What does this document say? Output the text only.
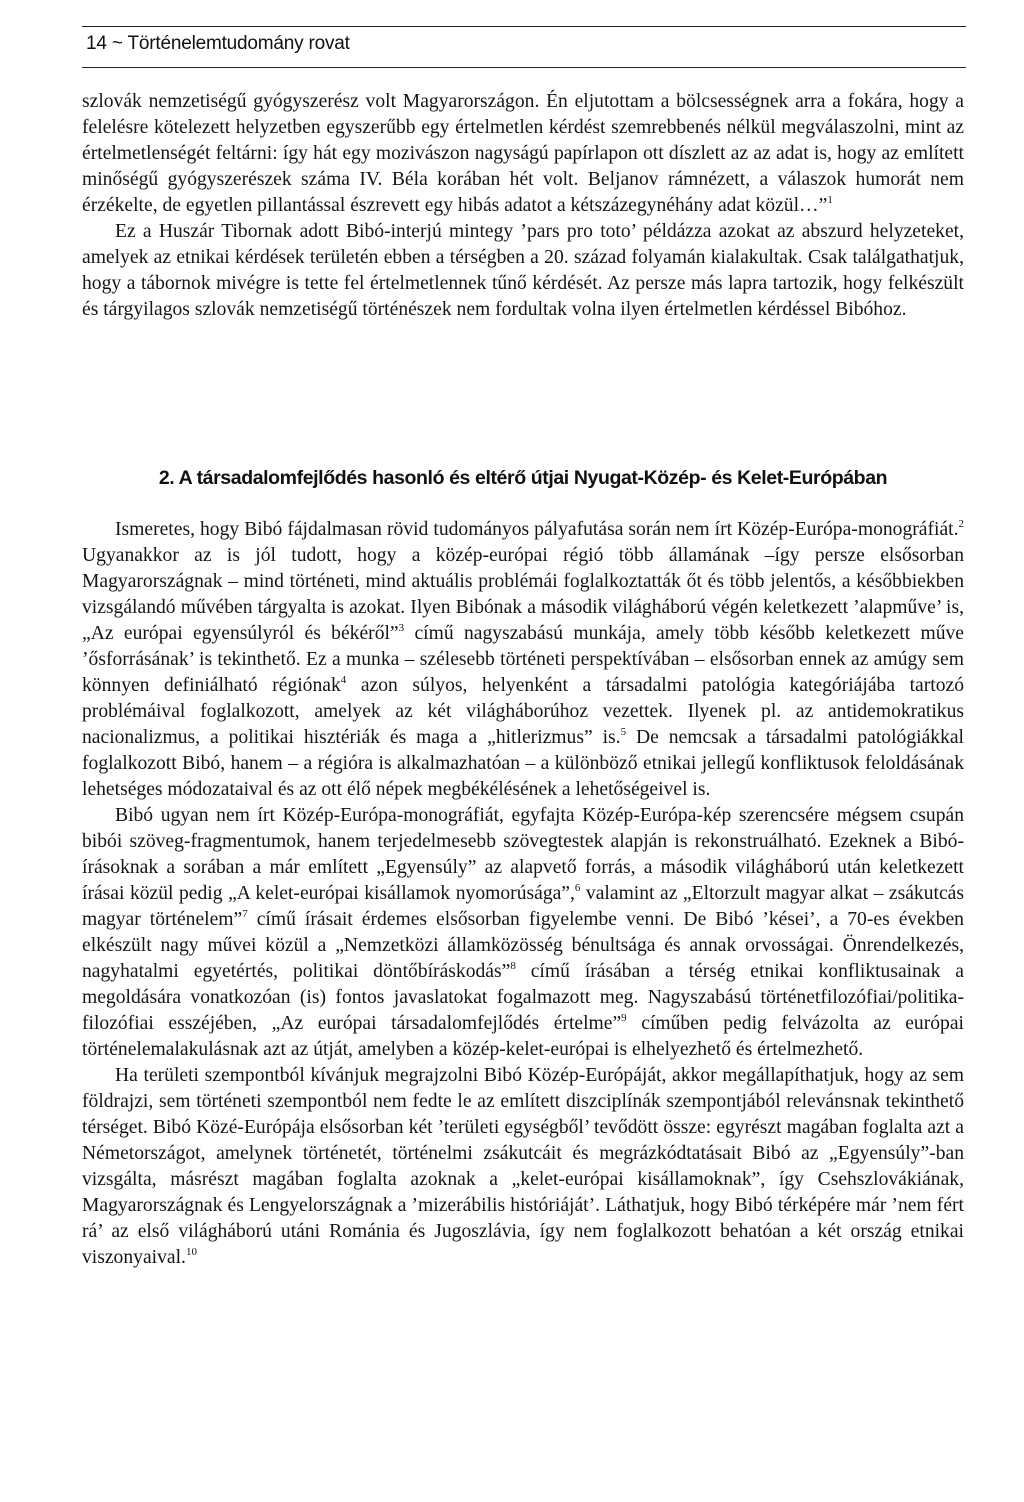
14 ~ Történelemtudomány rovat

szlovák nemzetiségű gyógyszerész volt Magyarországon. Én eljutottam a bölcsességnek arra a fokára, hogy a felelésre kötelezett helyzetben egyszerűbb egy értelmetlen kérdést szemrebbenés nélkül megválaszolni, mint az értelmetlenségét feltárni: így hát egy mozivászon nagyságú papírlapon ott díszlett az az adat is, hogy az említett minőségű gyógyszerészek száma IV. Béla korában hét volt. Beljanov rámnézett, a válaszok humorát nem érzékelte, de egyetlen pillantással észrevett egy hibás adatot a kétszázegynéhány adat közül…”$^1$

Ez a Huszár Tibornak adott Bibó-interjú mintegy ’pars pro toto’ példázza azokat az abszurd helyzeteket, amelyek az etnikai kérdések területén ebben a térségben a 20. század folyamán kialakultak. Csak találgathatjuk, hogy a tábornok mivégre is tette fel értelmetlennek tűnő kérdését. Az persze más lapra tartozik, hogy felkészült és tárgyilagos szlovák nemzetiségű történészek nem fordultak volna ilyen értelmetlen kérdéssel Bibóhoz.

2. A társadalomfejlődés hasonló és eltérő útjai Nyugat-Közép- és Kelet-Európában

Ismeretes, hogy Bibó fájdalmasan rövid tudományos pályafutása során nem írt Közép-Európa-monográfiát.$^2$ Ugyanakkor az is jól tudott, hogy a közép-európai régió több államának –így persze elsősorban Magyarországnak – mind történeti, mind aktuális problémái foglalkoztatták őt és több jelentős, a későbbiekben vizsgálandó művében tárgyalta is azokat. Ilyen Bibónak a második világháború végén keletkezett ’alapműve’ is, „Az európai egyensúlyról és békéről”$^3$ című nagyszabású munkája, amely több később keletkezett műve ’ősforrásának’ is tekinthető. Ez a munka – szélesebb történeti perspektívában – elsősorban ennek az amúgy sem könnyen definiálható régiónak$^4$ azon súlyos, helyenként a társadalmi patológia kategóriájába tartozó problémáival foglalkozott, amelyek az két világháborúhoz vezettek. Ilyenek pl. az antidemokratikus nacionalizmus, a politikai hisztériák és maga a „hitlerizmus” is.$^5$ De nemcsak a társadalmi patológiákkal foglalkozott Bibó, hanem – a régióra is alkalmazhatóan – a különböző etnikai jellegű konfliktusok feloldásának lehetséges módozataival és az ott élő népek megbékélésének a lehetőségeivel is.

Bibó ugyan nem írt Közép-Európa-monográfiát, egyfajta Közép-Európa-kép szerencsére mégsem csupán bibói szöveg-fragmentumok, hanem terjedelmesebb szövegtestek alapján is rekonstruálható. Ezeknek a Bibó-írásoknak a sorában a már említett „Egyensúly” az alapvető forrás, a második világháború után keletkezett írásai közül pedig „A kelet-európai kisállamok nyomorúsága”,$^6$ valamint az „Eltorzult magyar alkat – zsákutcás magyar történelem”$^7$ című írásait érdemes elsősorban figyelembe venni. De Bibó ’kései’, a 70-es években elkészült nagy művei közül a „Nemzetközi államközösség bénultsága és annak orvosságai. Önrendelkezés, nagyhatalmi egyetértés, politikai döntőbíráskodás”$^8$ című írásában a térség etnikai konfliktusainak a megoldására vonatkozóan (is) fontos javaslatokat fogalmazott meg. Nagyszabású történetfilozófiai/politika-filozófiai esszéjében, „Az európai társadalomfejlődés értelme”$^9$ címűben pedig felvázolta az európai történelemalakulásnak azt az útját, amelyben a közép-kelet-európai is elhelyezhető és értelmezhető.

Ha területi szempontból kívánjuk megrajzolni Bibó Közép-Európáját, akkor megállapíthatjuk, hogy az sem földrajzi, sem történeti szempontból nem fedte le az említett diszciplínák szempontjából relevánsnak tekinthető térséget. Bibó Közé-Európája elsősorban két ’területi egységből’ tevődött össze: egyrészt magában foglalta azt a Németországot, amelynek történetét, történelmi zsákutcáit és megrázkódtatásait Bibó az „Egyensúly”-ban vizsgálta, másrészt magában foglalta azoknak a „kelet-európai kisállamoknak”, így Csehszlovákiának, Magyarországnak és Lengyelországnak a ’mizerábilis históriáját’. Láthatjuk, hogy Bibó térképére már ’nem fért rá’ az első világháború utáni Románia és Jugoszlávia, így nem foglalkozott behatóan a két ország etnikai viszonyaival.$^{10}$
